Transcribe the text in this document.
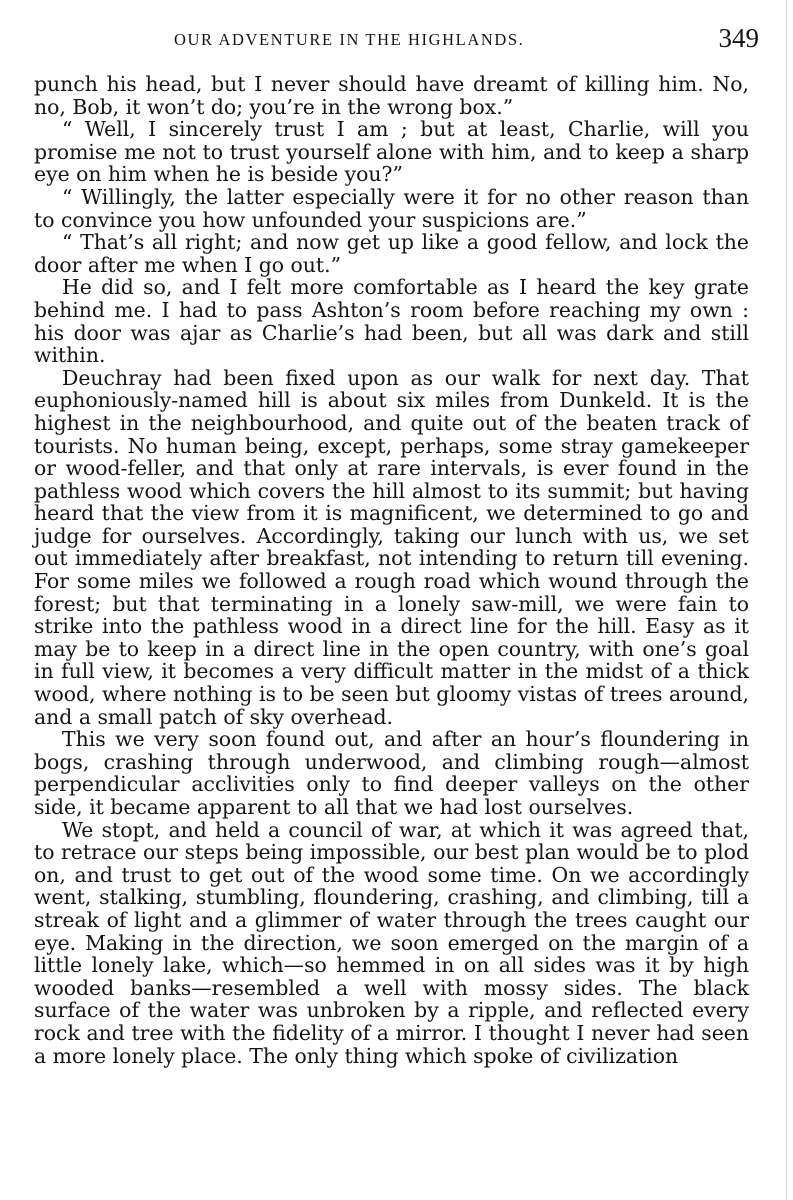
OUR ADVENTURE IN THE HIGHLANDS.	349

punch his head, but I never should have dreamt of killing him. No, no, Bob, it won’t do; you’re in the wrong box.”

“ Well, I sincerely trust I am ; but at least, Charlie, will you promise me not to trust yourself alone with him, and to keep a sharp eye on him when he is beside you?”

“ Willingly, the latter especially were it for no other reason than to convince you how unfounded your suspicions are.”

“ That’s all right; and now get up like a good fellow, and lock the door after me when I go out.”

He did so, and I felt more comfortable as I heard the key grate behind me. I had to pass Ashton’s room before reaching my own : his door was ajar as Charlie’s had been, but all was dark and still within.

Deuchray had been fixed upon as our walk for next day. That euphoniously-named hill is about six miles from Dunkeld. It is the highest in the neighbourhood, and quite out of the beaten track of tourists. No human being, except, perhaps, some stray gamekeeper or wood-feller, and that only at rare intervals, is ever found in the pathless wood which covers the hill almost to its summit; but having heard that the view from it is magnificent, we determined to go and judge for ourselves. Accordingly, taking our lunch with us, we set out immediately after breakfast, not intending to return till evening. For some miles we followed a rough road which wound through the forest; but that terminating in a lonely saw-mill, we were fain to strike into the pathless wood in a direct line for the hill. Easy as it may be to keep in a direct line in the open country, with one’s goal in full view, it becomes a very difficult matter in the midst of a thick wood, where nothing is to be seen but gloomy vistas of trees around, and a small patch of sky overhead.

This we very soon found out, and after an hour’s floundering in bogs, crashing through underwood, and climbing rough—almost perpendicular acclivities only to find deeper valleys on the other side, it became apparent to all that we had lost ourselves.

We stopt, and held a council of war, at which it was agreed that, to retrace our steps being impossible, our best plan would be to plod on, and trust to get out of the wood some time. On we accordingly went, stalking, stumbling, floundering, crashing, and climbing, till a streak of light and a glimmer of water through the trees caught our eye. Making in the direction, we soon emerged on the margin of a little lonely lake, which—so hemmed in on all sides was it by high wooded banks—resembled a well with mossy sides. The black surface of the water was unbroken by a ripple, and reflected every rock and tree with the fidelity of a mirror. I thought I never had seen a more lonely place. The only thing which spoke of civilization
